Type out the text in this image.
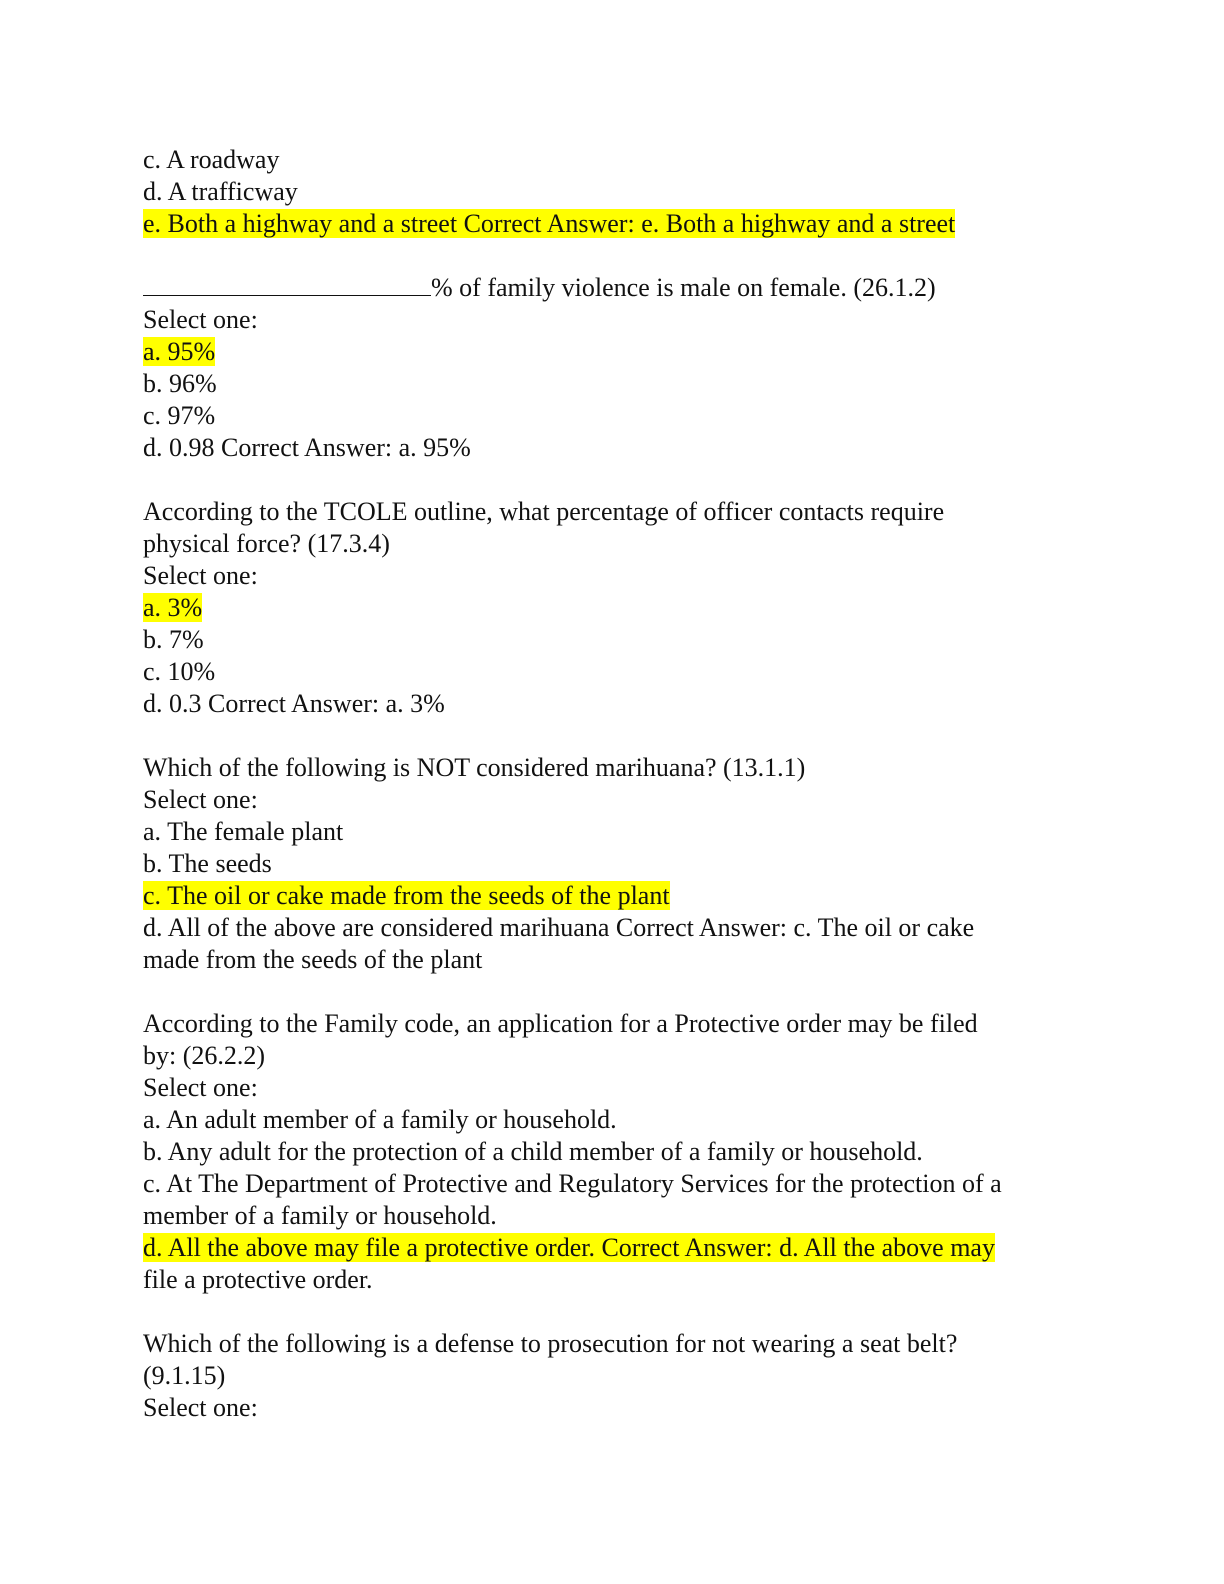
c. A roadway
d. A trafficway
e. Both a highway and a street Correct Answer: e. Both a highway and a street
% of family violence is male on female. (26.1.2)
Select one:
a. 95%
b. 96%
c. 97%
d. 0.98 Correct Answer: a. 95%
According to the TCOLE outline, what percentage of officer contacts require
physical force? (17.3.4)
Select one:
a. 3%
b. 7%
c. 10%
d. 0.3 Correct Answer: a. 3%
Which of the following is NOT considered marihuana? (13.1.1)
Select one:
a. The female plant
b. The seeds
c. The oil or cake made from the seeds of the plant
d. All of the above are considered marihuana Correct Answer: c. The oil or cake
made from the seeds of the plant
According to the Family code, an application for a Protective order may be filed
by: (26.2.2)
Select one:
a. An adult member of a family or household.
b. Any adult for the protection of a child member of a family or household.
c. At The Department of Protective and Regulatory Services for the protection of a
member of a family or household.
d. All the above may file a protective order. Correct Answer: d. All the above may
file a protective order.
Which of the following is a defense to prosecution for not wearing a seat belt?
(9.1.15)
Select one:
